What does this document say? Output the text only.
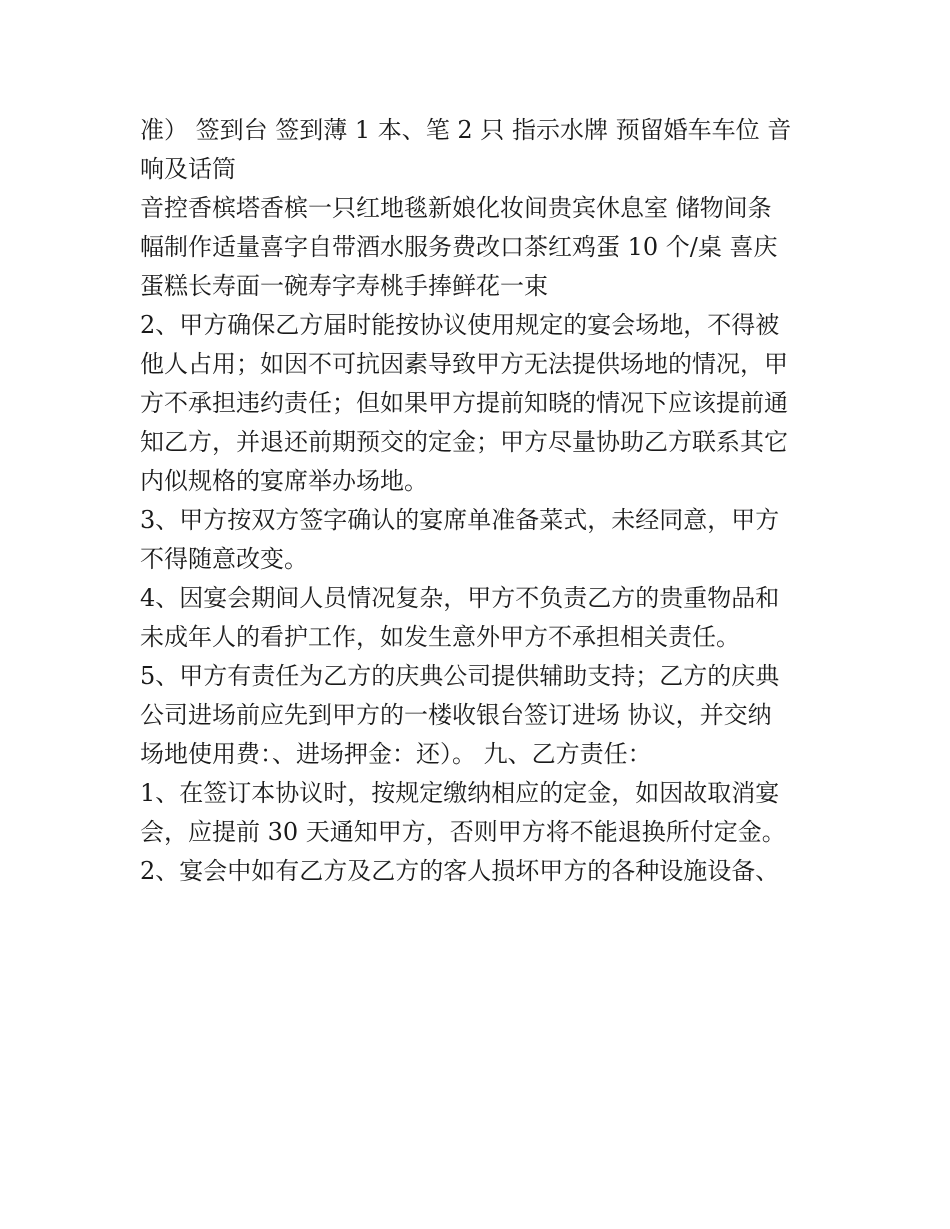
准） 签到台 签到薄 1 本、笔 2 只 指示水牌 预留婚车车位 音
响及话筒
音控香槟塔香槟一只红地毯新娘化妆间贵宾休息室 储物间条
幅制作适量喜字自带酒水服务费改口茶红鸡蛋 10 个/桌 喜庆
蛋糕长寿面一碗寿字寿桃手捧鲜花一束
2、甲方确保乙方届时能按协议使用规定的宴会场地，不得被
他人占用；如因不可抗因素导致甲方无法提供场地的情况，甲
方不承担违约责任；但如果甲方提前知晓的情况下应该提前通
知乙方，并退还前期预交的定金；甲方尽量协助乙方联系其它
内似规格的宴席举办场地。
3、甲方按双方签字确认的宴席单准备菜式，未经同意，甲方
不得随意改变。
4、因宴会期间人员情况复杂，甲方不负责乙方的贵重物品和
未成年人的看护工作，如发生意外甲方不承担相关责任。
5、甲方有责任为乙方的庆典公司提供辅助支持；乙方的庆典
公司进场前应先到甲方的一楼收银台签订进场 协议，并交纳
场地使用费：、进场押金：还）。 九、乙方责任：
1、在签订本协议时，按规定缴纳相应的定金，如因故取消宴
会，应提前 30 天通知甲方，否则甲方将不能退换所付定金。
2、宴会中如有乙方及乙方的客人损坏甲方的各种设施设备、
